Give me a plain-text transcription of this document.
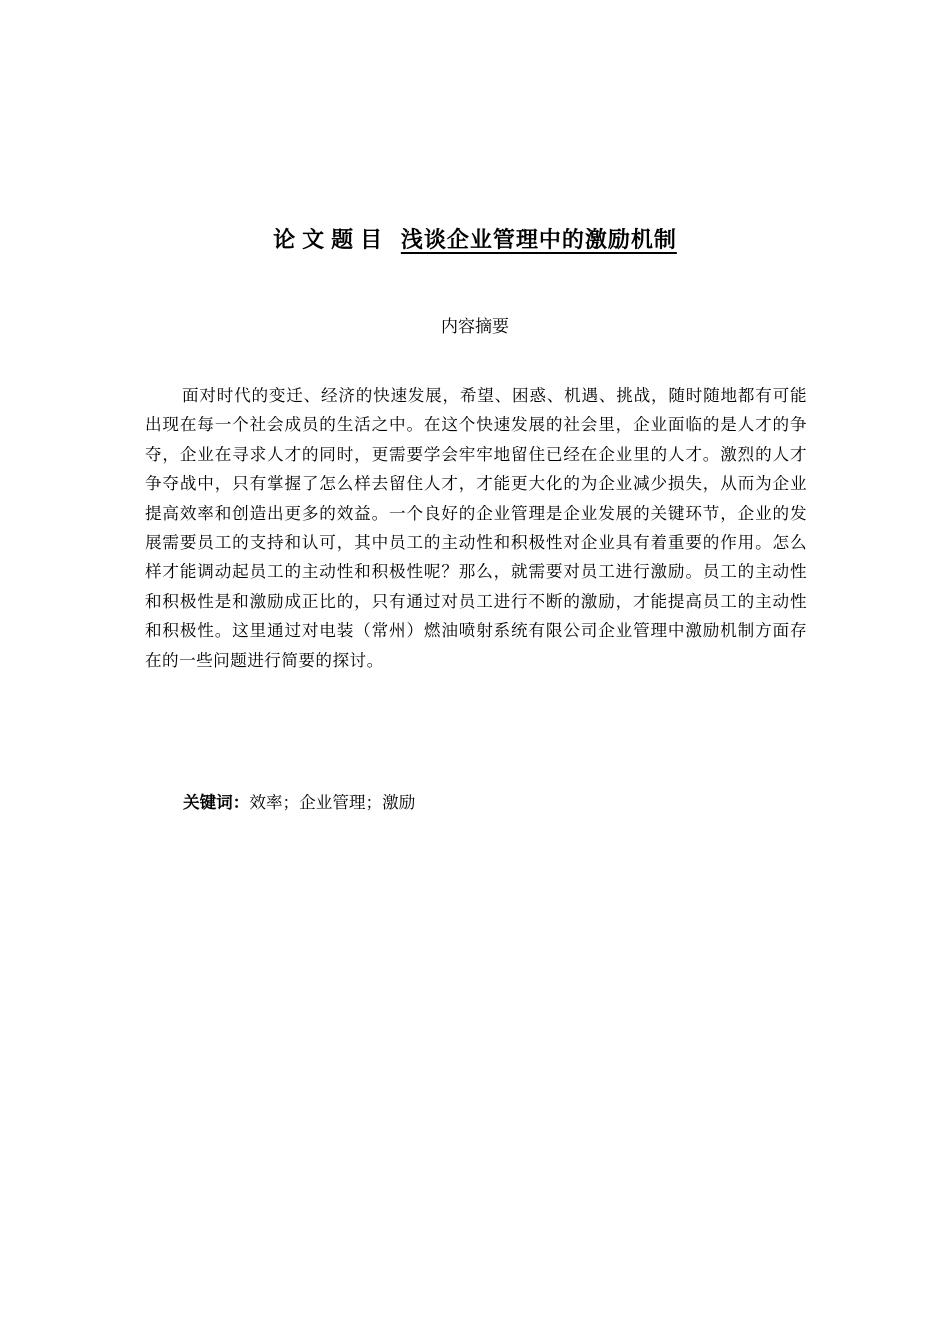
论文题目 浅谈企业管理中的激励机制
内容摘要

面对时代的变迁、经济的快速发展，希望、困惑、机遇、挑战，随时随地都有可能出现在每一个社会成员的生活之中。在这个快速发展的社会里，企业面临的是人才的争夺，企业在寻求人才的同时，更需要学会牢牢地留住已经在企业里的人才。激烈的人才争夺战中，只有掌握了怎么样去留住人才，才能更大化的为企业减少损失，从而为企业提高效率和创造出更多的效益。一个良好的企业管理是企业发展的关键环节，企业的发展需要员工的支持和认可，其中员工的主动性和积极性对企业具有着重要的作用。怎么样才能调动起员工的主动性和积极性呢？那么，就需要对员工进行激励。员工的主动性和积极性是和激励成正比的，只有通过对员工进行不断的激励，才能提高员工的主动性和积极性。这里通过对电装（常州）燃油喷射系统有限公司企业管理中激励机制方面存在的一些问题进行简要的探讨。

关键词：效率；企业管理；激励
